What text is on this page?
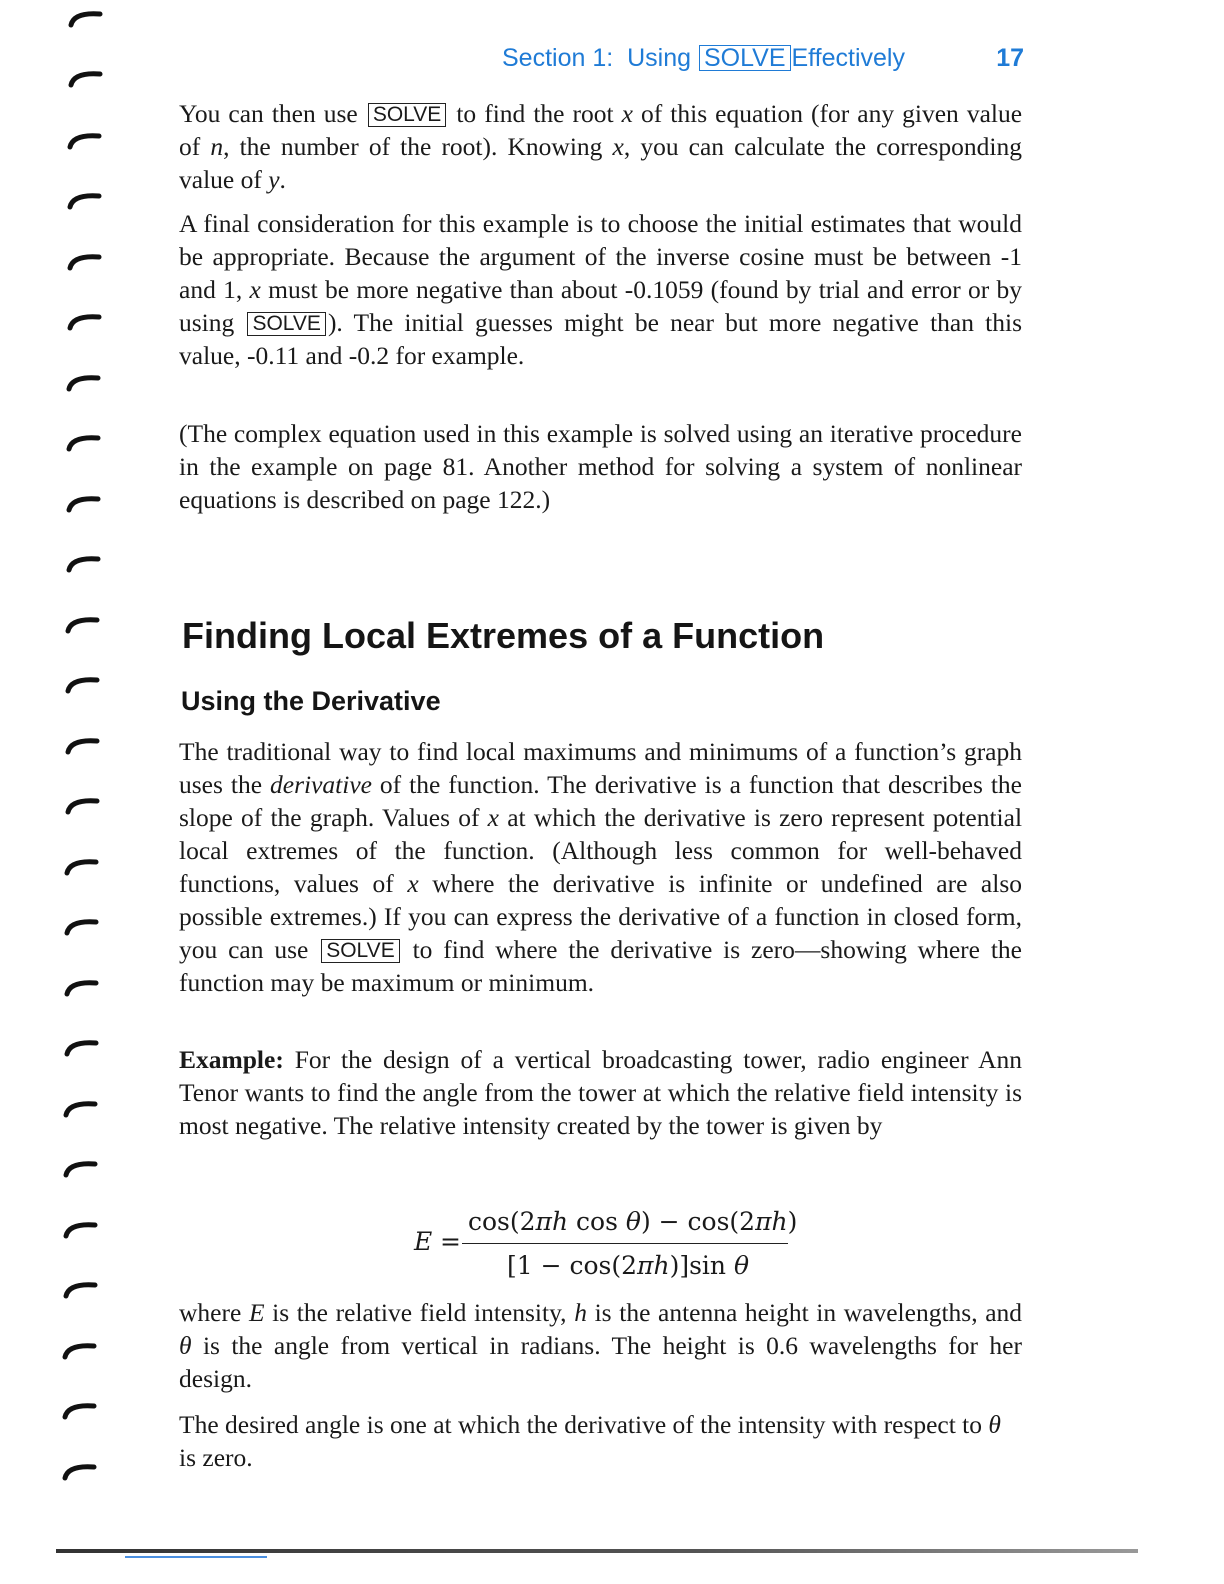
Section 1: Using SOLVE Effectively	17

You can then use SOLVE to find the root x of this equation (for any given value of n, the number of the root). Knowing x, you can calculate the corresponding value of y.

A final consideration for this example is to choose the initial estimates that would be appropriate. Because the argument of the inverse cosine must be between -1 and 1, x must be more negative than about -0.1059 (found by trial and error or by using SOLVE ). The initial guesses might be near but more negative than this value, -0.11 and -0.2 for example.

(The complex equation used in this example is solved using an iterative procedure in the example on page 81. Another method for solving a system of nonlinear equations is described on page 122.)

Finding Local Extremes of a Function
Using the Derivative

The traditional way to find local maximums and minimums of a function’s graph uses the derivative of the function. The derivative is a function that describes the slope of the graph. Values of x at which the derivative is zero represent potential local extremes of the function. (Although less common for well-behaved functions, values of x where the derivative is infinite or undefined are also possible extremes.) If you can express the derivative of a function in closed form, you can use SOLVE to find where the derivative is zero—showing where the function may be maximum or minimum.

Example: For the design of a vertical broadcasting tower, radio engineer Ann Tenor wants to find the angle from the tower at which the relative field intensity is most negative. The relative intensity created by the tower is given by

E =
cos(2πh cos θ) − cos(2πh)
[1 − cos(2πh)]sin θ

where E is the relative field intensity, h is the antenna height in wavelengths, and θ is the angle from vertical in radians. The height is 0.6 wavelengths for her design.

The desired angle is one at which the derivative of the intensity with respect to θ is zero.
